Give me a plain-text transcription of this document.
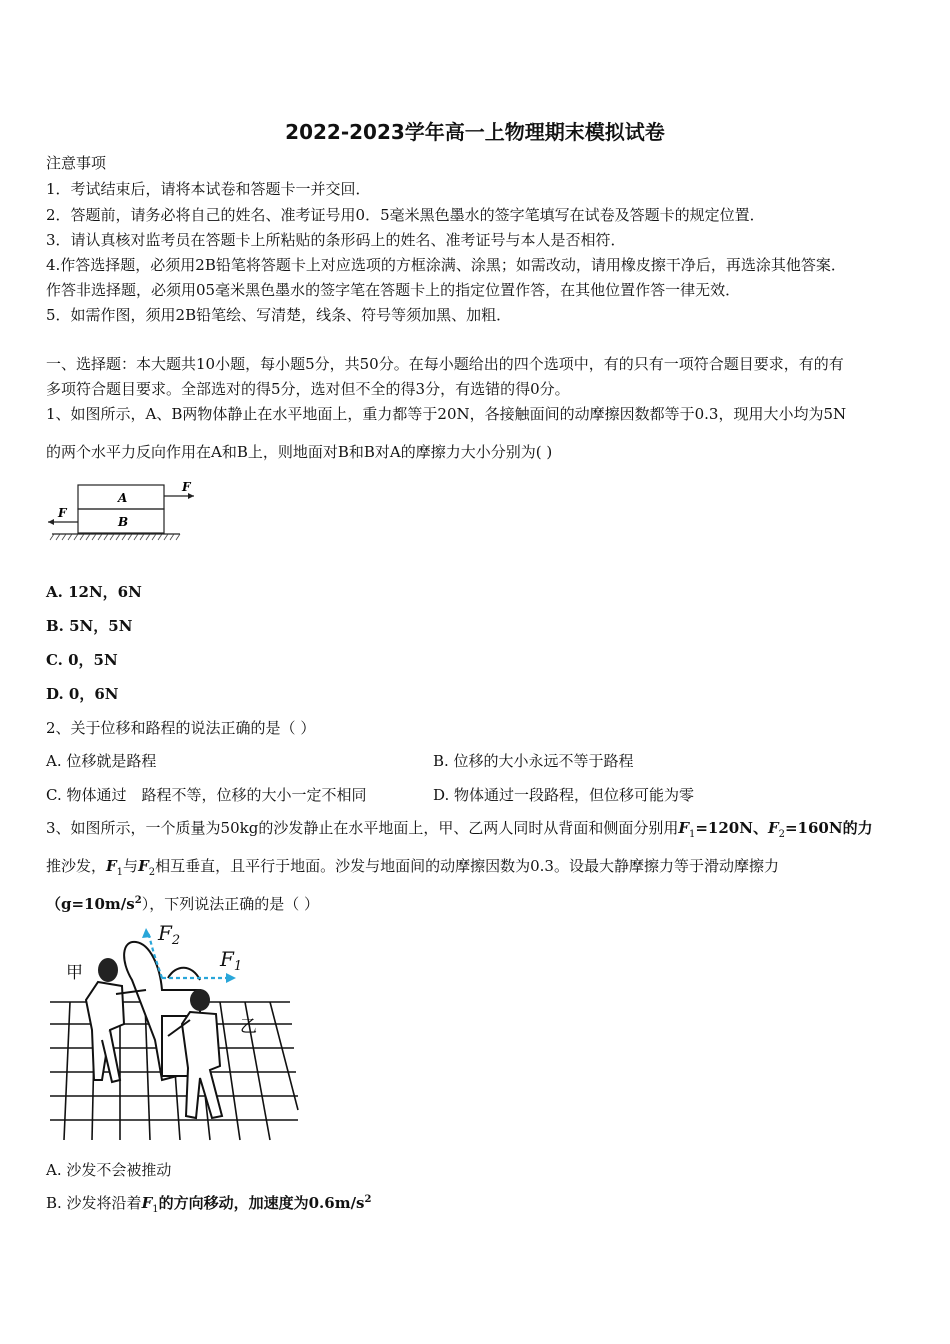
2022-2023学年高一上物理期末模拟试卷
注意事项
1．考试结束后，请将本试卷和答题卡一并交回．
2．答题前，请务必将自己的姓名、准考证号用0．5毫米黑色墨水的签字笔填写在试卷及答题卡的规定位置．
3．请认真核对监考员在答题卡上所粘贴的条形码上的姓名、准考证号与本人是否相符．
4.作答选择题，必须用2B铅笔将答题卡上对应选项的方框涂满、涂黑；如需改动，请用橡皮擦干净后，再选涂其他答案．
作答非选择题，必须用05毫米黑色墨水的签字笔在答题卡上的指定位置作答，在其他位置作答一律无效．
5．如需作图，须用2B铅笔绘、写清楚，线条、符号等须加黑、加粗．
一、选择题：本大题共10小题，每小题5分，共50分。在每小题给出的四个选项中，有的只有一项符合题目要求，有的有
多项符合题目要求。全部选对的得5分，选对但不全的得3分，有选错的得0分。
1、如图所示，A、B两物体静止在水平地面上，重力都等于20N，各接触面间的动摩擦因数都等于0.3，现用大小均为5N
的两个水平力反向作用在A和B上，则地面对B和B对A的摩擦力大小分别为( )
A
B
F
F
A. 12N，6N
B. 5N，5N
C. 0，5N
D. 0，6N
2、关于位移和路程的说法正确的是（ ）
A. 位移就是路程	B. 位移的大小永远不等于路程
C. 物体通过　路程不等，位移的大小一定不相同	D. 物体通过一段路程，但位移可能为零
3、如图所示，一个质量为50kg的沙发静止在水平地面上，甲、乙两人同时从背面和侧面分别用$F_1=120N$、$F_2=160N$的力
推沙发，$F_1$与$F_2$相互垂直，且平行于地面。沙发与地面间的动摩擦因数为0.3。设最大静摩擦力等于滑动摩擦力
$(g=10m/s^2)$，下列说法正确的是（ ）
$F_2$
$F_1$
甲
乙
A. 沙发不会被推动
B. 沙发将沿着$F_1$的方向移动，加速度为$0.6m/s^2$
